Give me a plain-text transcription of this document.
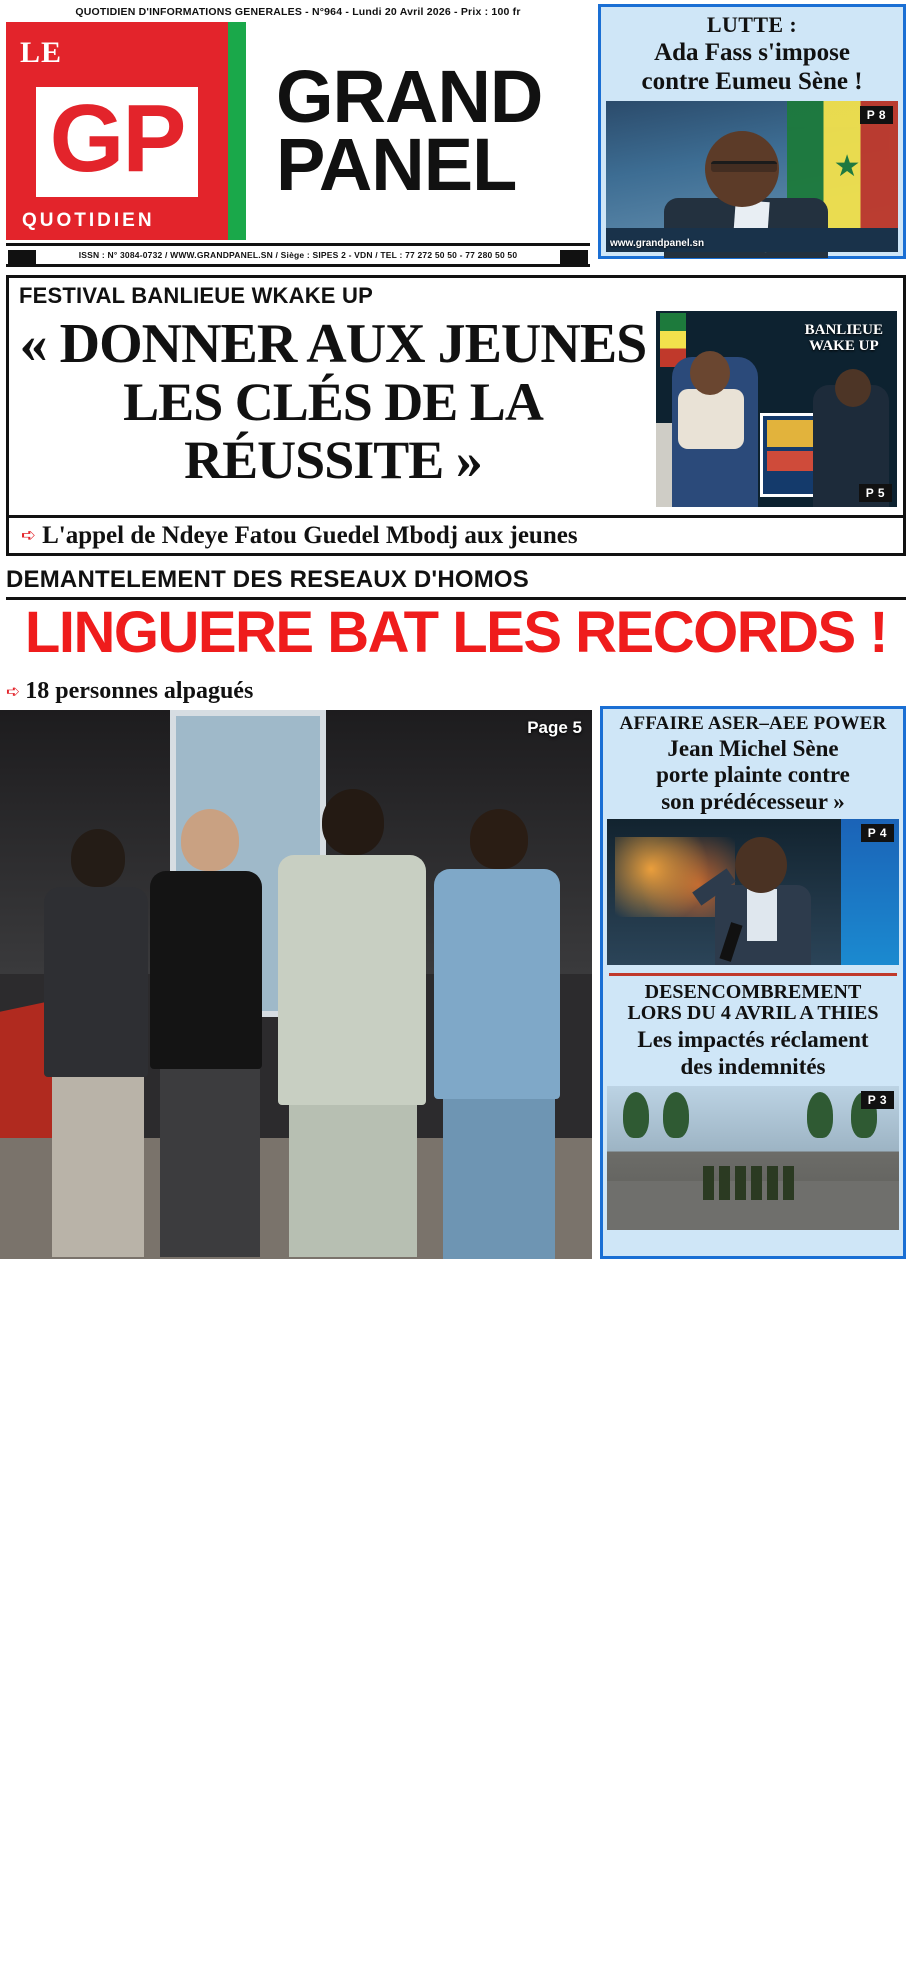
QUOTIDIEN D'INFORMATIONS GENERALES - N°964 - Lundi 20 Avril 2026 - Prix : 100 fr
LE
GP
QUOTIDIEN
GRAND
PANEL
ISSN : N° 3084-0732 / WWW.GRANDPANEL.SN / Siège : SIPES 2 - VDN / TEL : 77 272 50 50 - 77 280 50 50
LUTTE :
Ada Fass s'impose
contre Eumeu Sène !
★
www.grandpanel.sn
P 8
FESTIVAL BANLIEUE WKAKE UP
« DONNER AUX JEUNES
LES CLÉS DE LA RÉUSSITE »
BANLIEUE
WAKE UP
P 5
➪ L'appel de Ndeye Fatou Guedel Mbodj aux jeunes
DEMANTELEMENT DES RESEAUX D'HOMOS
LINGUERE BAT LES RECORDS !
➪ 18 personnes alpagués
Page 5
DIVISION COMMUNICATION
DCORP
RELATIONS PUBLIQUES
AFFAIRE ASER–AEE POWER
Jean Michel Sène
porte plainte contre
son prédécesseur »
P 4
DESENCOMBREMENT
LORS DU 4 AVRIL A THIES
Les impactés réclament
des indemnités
P 3
